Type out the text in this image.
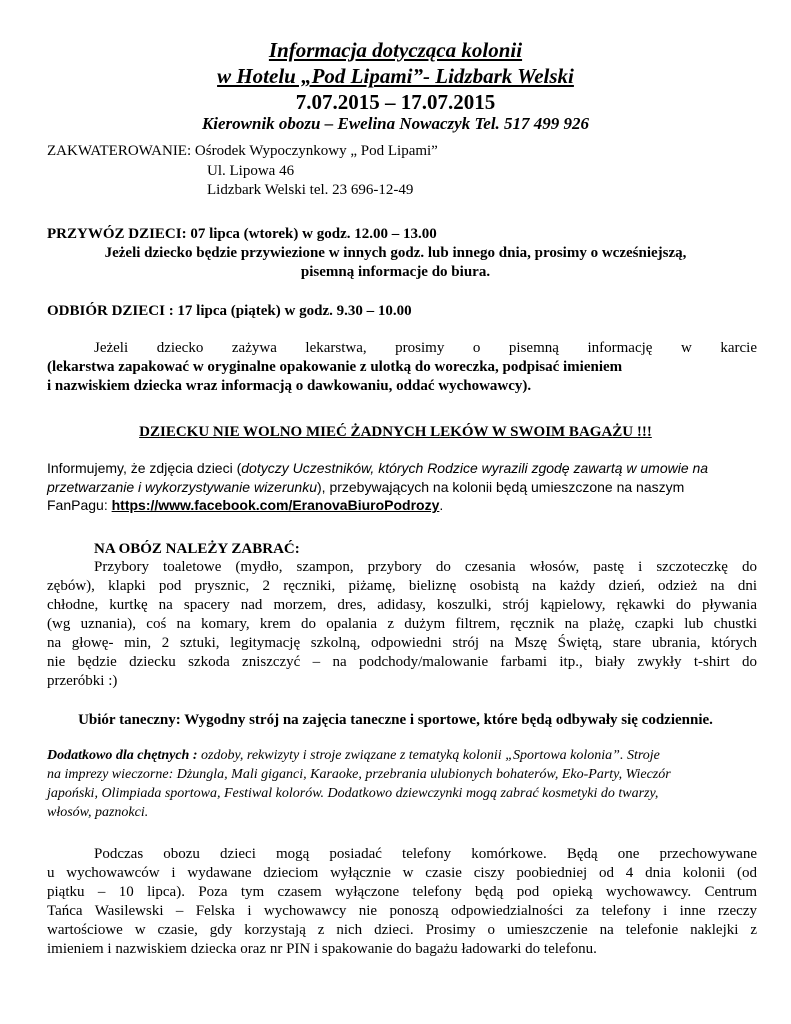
Informacja dotycząca kolonii
w Hotelu „Pod Lipami”- Lidzbark Welski
7.07.2015 – 17.07.2015
Kierownik obozu – Ewelina Nowaczyk Tel. 517 499 926
ZAKWATEROWANIE: Ośrodek Wypoczynkowy „ Pod Lipami”
Ul. Lipowa 46
Lidzbark Welski tel. 23 696-12-49
PRZYWÓZ DZIECI: 07 lipca (wtorek) w godz. 12.00 – 13.00
Jeżeli dziecko będzie przywiezione w innych godz. lub innego dnia, prosimy o wcześniejszą,
pisemną informacje do biura.
ODBIÓR DZIECI : 17 lipca (piątek) w godz. 9.30 – 10.00
Jeżeli dziecko zażywa lekarstwa, prosimy o pisemną informację w karcie
(lekarstwa zapakować w oryginalne opakowanie z ulotką do woreczka, podpisać imieniem
i nazwiskiem dziecka wraz informacją o dawkowaniu, oddać wychowawcy).
DZIECKU NIE WOLNO MIEĆ ŻADNYCH LEKÓW W SWOIM BAGAŻU !!!
Informujemy, że zdjęcia dzieci (dotyczy Uczestników, których Rodzice wyrazili zgodę zawartą w umowie na
przetwarzanie i wykorzystywanie wizerunku), przebywających na kolonii będą umieszczone na naszym
FanPagu: https://www.facebook.com/EranovaBiuroPodrozy.
NA OBÓZ NALEŻY ZABRAĆ:
Przybory toaletowe (mydło, szampon, przybory do czesania włosów, pastę i szczoteczkę do
zębów), klapki pod prysznic, 2 ręczniki, piżamę, bieliznę osobistą na każdy dzień, odzież na dni
chłodne, kurtkę na spacery nad morzem, dres, adidasy, koszulki, strój kąpielowy, rękawki do pływania
(wg uznania), coś na komary, krem do opalania z dużym filtrem, ręcznik na plażę, czapki lub chustki
na głowę- min, 2 sztuki, legitymację szkolną, odpowiedni strój na Mszę Świętą, stare ubrania, których
nie będzie dziecku szkoda zniszczyć – na podchody/malowanie farbami itp., biały zwykły t-shirt do
przeróbki :)
Ubiór taneczny: Wygodny strój na zajęcia taneczne i sportowe, które będą odbywały się codziennie.
Dodatkowo dla chętnych : ozdoby, rekwizyty i stroje związane z tematyką kolonii „Sportowa kolonia”. Stroje
na imprezy wieczorne: Dżungla, Mali giganci, Karaoke, przebrania ulubionych bohaterów, Eko-Party, Wieczór
japoński, Olimpiada sportowa, Festiwal kolorów. Dodatkowo dziewczynki mogą zabrać kosmetyki do twarzy,
włosów, paznokci.
Podczas obozu dzieci mogą posiadać telefony komórkowe. Będą one przechowywane
u wychowawców i wydawane dzieciom wyłącznie w czasie ciszy poobiedniej od 4 dnia kolonii (od
piątku – 10 lipca). Poza tym czasem wyłączone telefony będą pod opieką wychowawcy. Centrum
Tańca Wasilewski – Felska i wychowawcy nie ponoszą odpowiedzialności za telefony i inne rzeczy
wartościowe w czasie, gdy korzystają z nich dzieci. Prosimy o umieszczenie na telefonie naklejki z
imieniem i nazwiskiem dziecka oraz nr PIN i spakowanie do bagażu ładowarki do telefonu.
